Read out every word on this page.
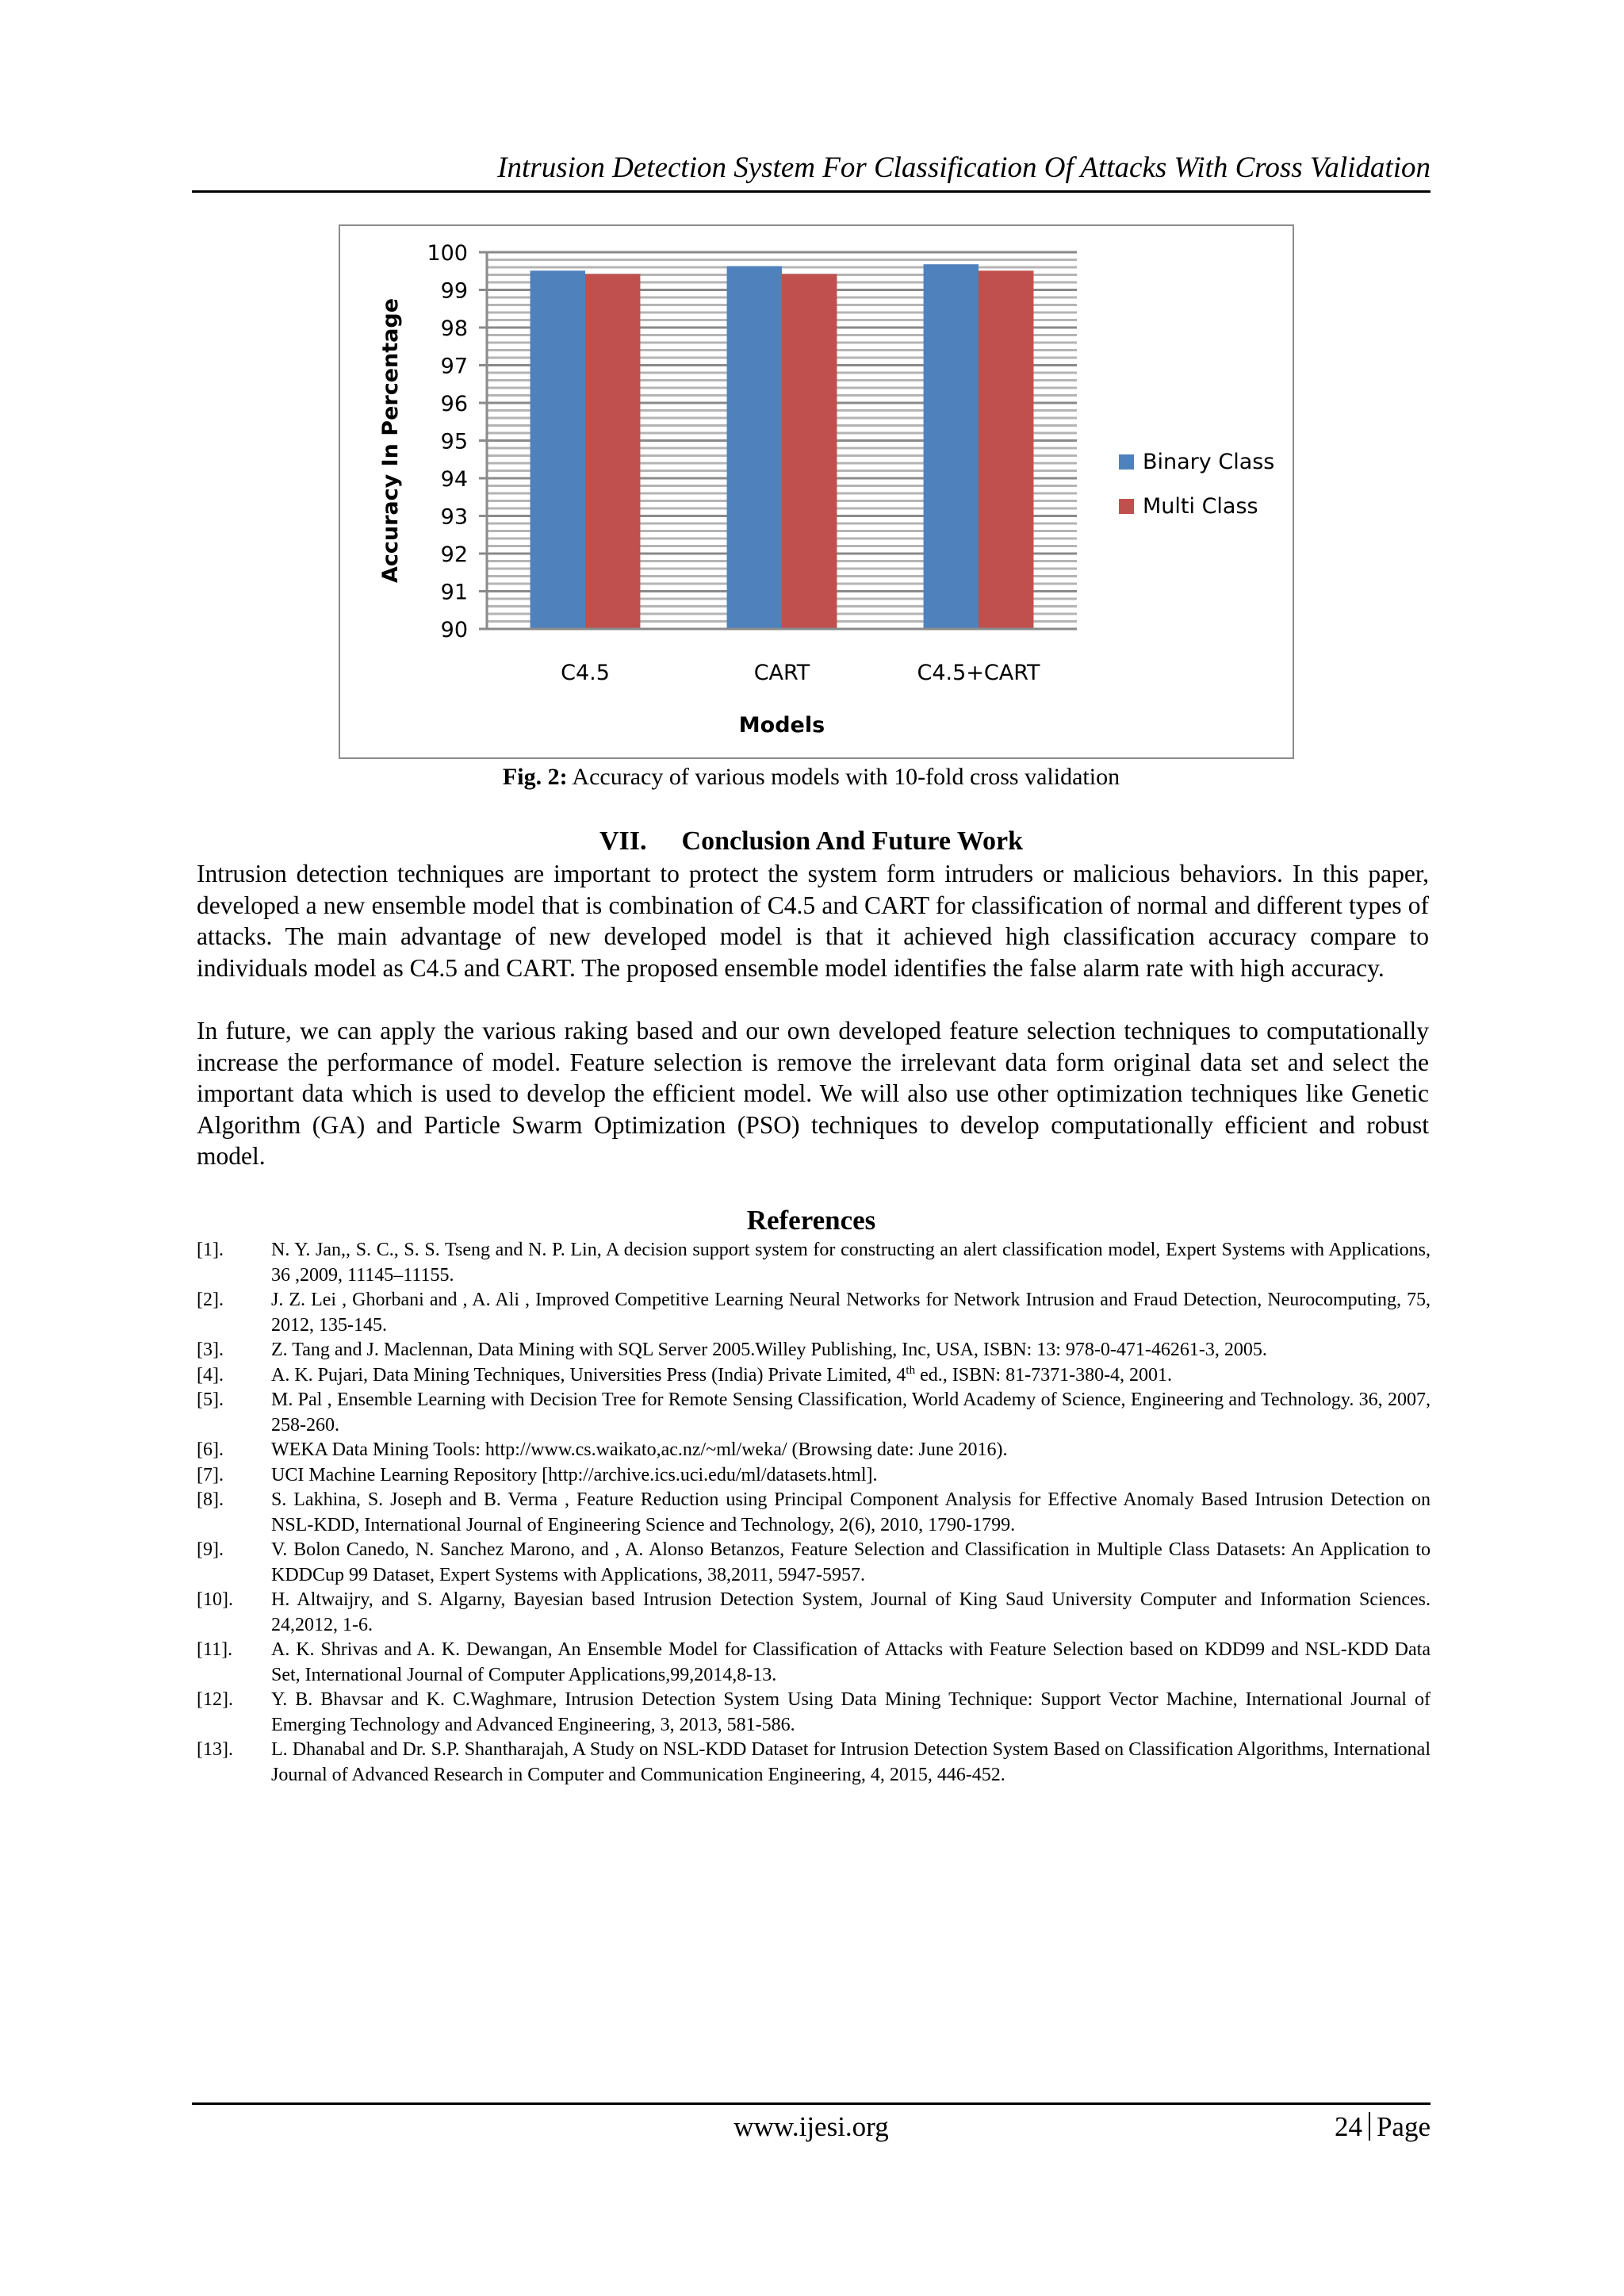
Intrusion Detection System For Classification Of Attacks With Cross Validation
90
91
92
93
94
95
96
97
98
99
100
C4.5	CART	C4.5+CART
Models
Accuracy In Percentage	Binary Class
Multi Class
Fig. 2: Accuracy of various models with 10-fold cross validation
VII. Conclusion And Future Work

Intrusion detection techniques are important to protect the system form intruders or malicious behaviors. In this paper, developed a new ensemble model that is combination of C4.5 and CART for classification of normal and different types of attacks. The main advantage of new developed model is that it achieved high classification accuracy compare to individuals model as C4.5 and CART. The proposed ensemble model identifies the false alarm rate with high accuracy.

In future, we can apply the various raking based and our own developed feature selection techniques to computationally increase the performance of model. Feature selection is remove the irrelevant data form original data set and select the important data which is used to develop the efficient model. We will also use other optimization techniques like Genetic Algorithm (GA) and Particle Swarm Optimization (PSO) techniques to develop computationally efficient and robust model.

References
[1].	N. Y. Jan,, S. C., S. S. Tseng and N. P. Lin, A decision support system for constructing an alert classification model, Expert Systems with Applications, 36 ,2009, 11145–11155.
[2].	J. Z. Lei , Ghorbani and , A. Ali , Improved Competitive Learning Neural Networks for Network Intrusion and Fraud Detection, Neurocomputing, 75, 2012, 135-145.
[3].	Z. Tang and J. Maclennan, Data Mining with SQL Server 2005.Willey Publishing, Inc, USA, ISBN: 13: 978-0-471-46261-3, 2005.
[4].	A. K. Pujari, Data Mining Techniques, Universities Press (India) Private Limited, 4th ed., ISBN: 81-7371-380-4, 2001.
[5].	M. Pal , Ensemble Learning with Decision Tree for Remote Sensing Classification, World Academy of Science, Engineering and Technology. 36, 2007, 258-260.
[6].	WEKA Data Mining Tools: http://www.cs.waikato,ac.nz/~ml/weka/ (Browsing date: June 2016).
[7].	UCI Machine Learning Repository [http://archive.ics.uci.edu/ml/datasets.html].
[8].	S. Lakhina, S. Joseph and B. Verma , Feature Reduction using Principal Component Analysis for Effective Anomaly Based Intrusion Detection on NSL-KDD, International Journal of Engineering Science and Technology, 2(6), 2010, 1790-1799.
[9].	V. Bolon Canedo, N. Sanchez Marono, and , A. Alonso Betanzos, Feature Selection and Classification in Multiple Class Datasets: An Application to KDDCup 99 Dataset, Expert Systems with Applications, 38,2011, 5947-5957.
[10].	H. Altwaijry, and S. Algarny, Bayesian based Intrusion Detection System, Journal of King Saud University Computer and Information Sciences. 24,2012, 1-6.
[11].	A. K. Shrivas and A. K. Dewangan, An Ensemble Model for Classification of Attacks with Feature Selection based on KDD99 and NSL-KDD Data Set, International Journal of Computer Applications,99,2014,8-13.
[12].	Y. B. Bhavsar and K. C.Waghmare, Intrusion Detection System Using Data Mining Technique: Support Vector Machine, International Journal of Emerging Technology and Advanced Engineering, 3, 2013, 581-586.
[13].	L. Dhanabal and Dr. S.P. Shantharajah, A Study on NSL-KDD Dataset for Intrusion Detection System Based on Classification Algorithms, International Journal of Advanced Research in Computer and Communication Engineering, 4, 2015, 446-452.
www.ijesi.org	24 Page
